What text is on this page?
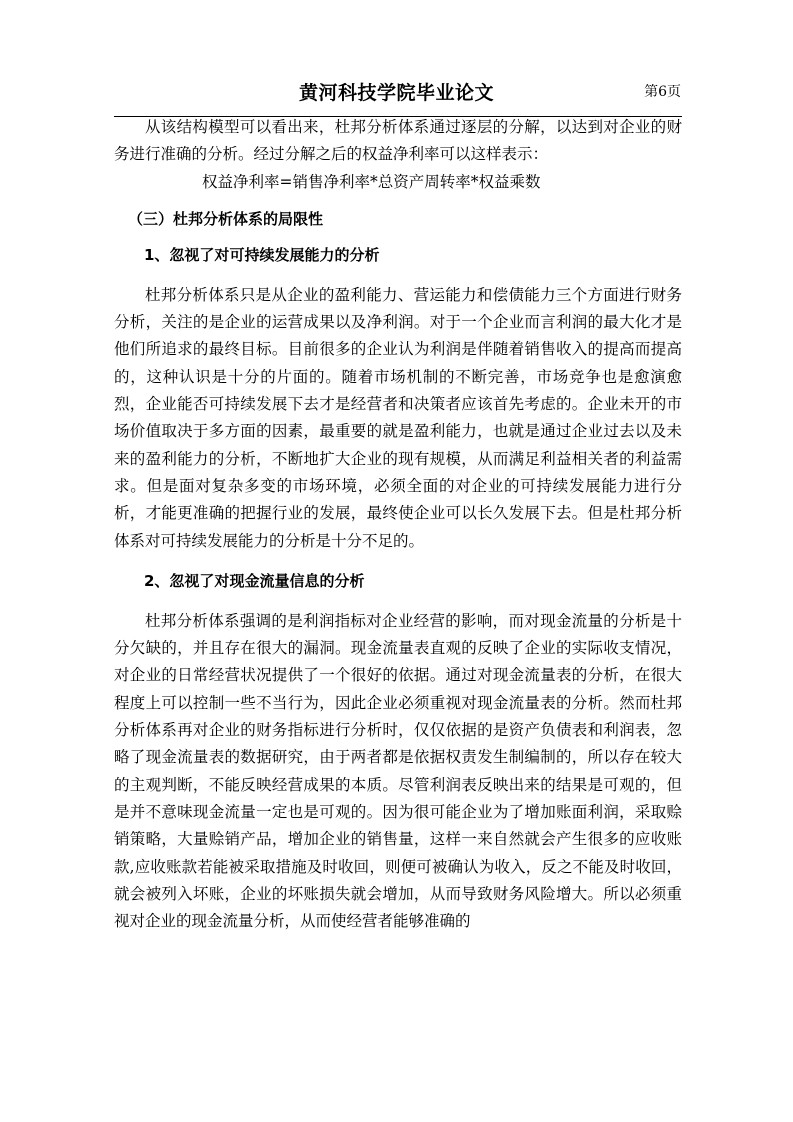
黄河科技学院毕业论文	第6页

从该结构模型可以看出来，杜邦分析体系通过逐层的分解，以达到对企业的财务进行准确的分析。经过分解之后的权益净利率可以这样表示：

权益净利率=销售净利率*总资产周转率*权益乘数

（三）杜邦分析体系的局限性
1、忽视了对可持续发展能力的分析

杜邦分析体系只是从企业的盈利能力、营运能力和偿债能力三个方面进行财务分析，关注的是企业的运营成果以及净利润。对于一个企业而言利润的最大化才是他们所追求的最终目标。目前很多的企业认为利润是伴随着销售收入的提高而提高的，这种认识是十分的片面的。随着市场机制的不断完善，市场竞争也是愈演愈烈，企业能否可持续发展下去才是经营者和决策者应该首先考虑的。企业未开的市场价值取决于多方面的因素，最重要的就是盈利能力，也就是通过企业过去以及未来的盈利能力的分析，不断地扩大企业的现有规模，从而满足利益相关者的利益需求。但是面对复杂多变的市场环境，必须全面的对企业的可持续发展能力进行分析，才能更准确的把握行业的发展，最终使企业可以长久发展下去。但是杜邦分析体系对可持续发展能力的分析是十分不足的。

2、忽视了对现金流量信息的分析

杜邦分析体系强调的是利润指标对企业经营的影响，而对现金流量的分析是十分欠缺的，并且存在很大的漏洞。现金流量表直观的反映了企业的实际收支情况，对企业的日常经营状况提供了一个很好的依据。通过对现金流量表的分析，在很大程度上可以控制一些不当行为，因此企业必须重视对现金流量表的分析。然而杜邦分析体系再对企业的财务指标进行分析时，仅仅依据的是资产负债表和利润表，忽略了现金流量表的数据研究，由于两者都是依据权责发生制编制的，所以存在较大的主观判断，不能反映经营成果的本质。尽管利润表反映出来的结果是可观的，但是并不意味现金流量一定也是可观的。因为很可能企业为了增加账面利润，采取赊销策略，大量赊销产品，增加企业的销售量，这样一来自然就会产生很多的应收账款,应收账款若能被采取措施及时收回，则便可被确认为收入，反之不能及时收回，就会被列入坏账，企业的坏账损失就会增加，从而导致财务风险增大。所以必须重视对企业的现金流量分析，从而使经营者能够准确的
